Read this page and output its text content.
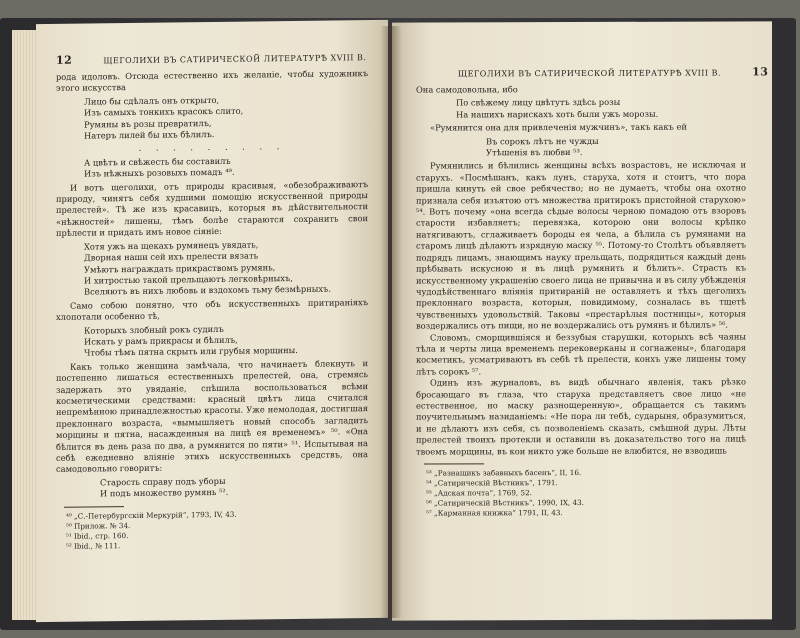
12	ЩЕГОЛИХИ ВЪ САТИРИЧЕСКОЙ ЛИТЕРАТУРѢ XVIII В.

рода идоловъ. Отсюда естественно ихъ желаніе, чтобы художникъ этого искусства

Лицо бы сдѣлалъ онъ открыто,
Изъ самыхъ тонкихъ красокъ слито,
Румяны въ розы превратилъ,
Натеръ лилей бы ихъ бѣлилъ.
. . . . . . . . .
А цвѣтъ и свѣжесть бы составилъ
Изъ нѣжныхъ розовыхъ помадъ ⁴⁹.

И вотъ щеголихи, отъ природы красивыя, «обезображиваютъ природу, чинятъ себя худшими помощію искусственной природы прелестей». Тѣ же изъ красавицъ, которыя въ дѣйствительности «нѣжностей» лишены, тѣмъ болѣе стараются сохранить свои прѣлести и придать имъ новое сіяніе:

Хотя ужъ на щекахъ румянецъ увядать,
Дворная наши сей ихъ прелести вязать
Умѣютъ награждать прикраствомъ румянь,
И хитростью такой прельщаютъ легковѣрныхъ,
Вселяютъ въ нихъ любовь и вздохомъ тьму безмѣрныхъ.

Само собою понятно, что объ искусственныхъ притираніяхъ хлопотали особенно тѣ,

Которыхъ злобный рокъ судилъ
Искать у рамъ прикрасы и бѣлилъ,
Чтобы тѣмъ пятна скрыть или грубыя морщины.

Какъ только женщина замѣчала, что начинаетъ блекнуть и постепенно лишаться естественныхъ прелестей, она, стремясь задержать это увяданіе, спѣшила воспользоваться всѣми косметическими средствами: красный цвѣтъ лица считался непремѣнною принадлежностью красоты. Уже немолодая, достигшая преклоннаго возраста, «вымышляетъ новый способъ загладить морщины и пятна, насажденныя на лицѣ ея временемъ» ⁵⁰. «Она бѣлится въ день раза по два, а румянится по пяти» ⁵¹. Испытывая на себѣ ежедневно вліяніе этихъ искусственныхъ средствъ, она самодовольно говоритъ:

Старость справу подъ уборы
И подъ множество румянь ⁵².
⁴⁹ „С.-Петербургскій Меркурій“, 1793, IV, 43.
⁵⁰ Прилож. № 34.
⁵¹ Ibid., стр. 160.
⁵² Ibid., № 111.
ЩЕГОЛИХИ ВЪ САТИРИЧЕСКОЙ ЛИТЕРАТУРѢ XVIII В.	13

Она самодовольна, ибо

По свѣжему лицу цвѣтутъ здѣсь розы
На нашихъ нарискахъ хоть были ужъ морозы.

«Румянится она для привлеченія мужчинъ», такъ какъ ей

Въ сорокъ лѣтъ не чужды
Утѣшенія въ любви ⁵³.

Румянились и бѣлились женщины всѣхъ возрастовъ, не исключая и старухъ. «Посмѣшанъ, какъ лунъ, старуха, хотя и стоитъ, что пора пришла кинуть ей свое ребячество; но не думаетъ, чтобы она охотно признала себя изъятою отъ множества притирокъ пристойной старухою» ⁵⁴. Вотъ почему «она всегда сѣдые волосы черною помадою отъ взоровъ старости избавляетъ; перевязка, которою они волосы крѣпко натягиваютъ, сглаживаетъ бороды ея чела, а бѣлила съ румянами на старомъ лицѣ дѣлаютъ изрядную маску ⁵⁵. Потому-то Столѣтъ объявляетъ подрядъ лицамъ, знающимъ науку прельщать, подрядиться каждый день прѣбывать искусною и въ лицѣ румянить и бѣлить». Страсть къ искусственному украшенію своего лица не привычна и въ силу убѣжденія чудодѣйственнаго вліянія притираній не оставляетъ и тѣхъ щеголихъ преклоннаго возраста, которыя, повидимому, созналась въ тщетѣ чувственныхъ удовольствій. Таковы «престарѣлыя постницы», которыя воздержались отъ пищи, но не воздержались отъ румянъ и бѣлилъ» ⁵⁶.

Словомъ, сморщившіяся и беззубыя старушки, которыхъ всѣ чаяны тѣла и черты лица временемъ перековерканы и согнажены», благодаря косметикъ, усматриваютъ въ себѣ тѣ прелести, конхъ уже лишены тому лѣтъ сорокъ ⁵⁷.

Одинъ изъ журналовъ, въ видѣ обычнаго явленія, такъ рѣзко бросающаго въ глаза, что старуха представляетъ свое лицо «не естественное, но маску разнощеренную», обращается съ такимъ поучительнымъ назиданіемъ: «Не пора ли тебѣ, сударыня, образумиться, и не дѣлаютъ изъ себя, съ позволеніемъ сказать, смѣшной дуры. Лѣты прелестей твоихъ протекли и оставили въ доказательство того на лицѣ твоемъ морщины, въ кои никто уже больше не влюбится, не взводишь

⁵³ „Разнащикъ забавныхъ басенъ“, II, 16.
⁵⁴ „Сатирическій Вѣстникъ“, 1791.
⁵⁵ „Адская почта“, 1769, 52.
⁵⁶ „Сатирическій Вѣстникъ“, 1990, IX, 43.
⁵⁷ „Карманная книжка“ 1791, II, 43.
